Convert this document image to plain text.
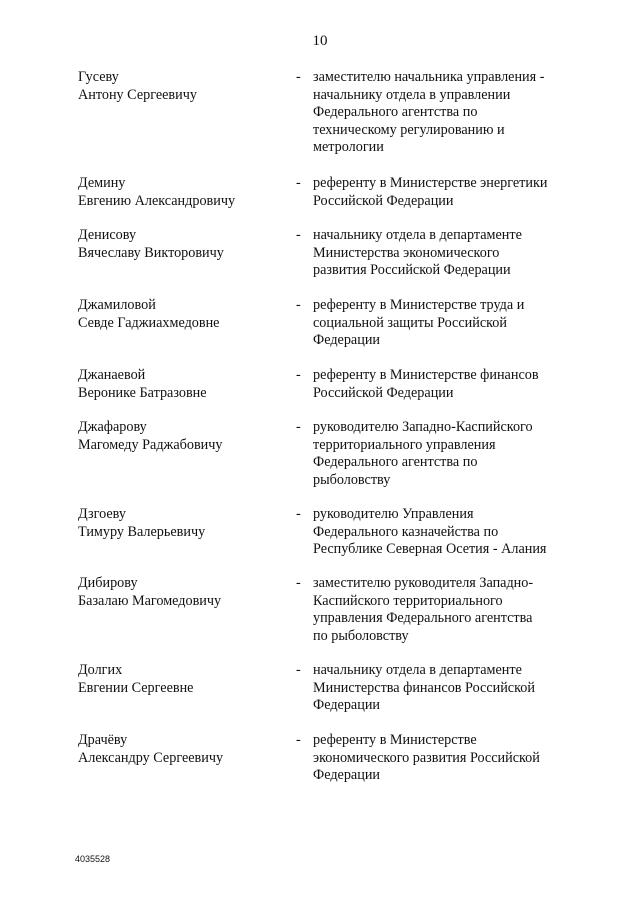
10
Гусеву
Антону Сергеевичу
- заместителю начальника управления -
начальнику отдела в управлении
Федерального агентства по
техническому регулированию и
метрологии
Демину
Евгению Александровичу
- референту в Министерстве энергетики
Российской Федерации
Денисову
Вячеславу Викторовичу
- начальнику отдела в департаменте
Министерства экономического
развития Российской Федерации
Джамиловой
Севде Гаджиахмедовне
- референту в Министерстве труда и
социальной защиты Российской
Федерации
Джанаевой
Веронике Батразовне
- референту в Министерстве финансов
Российской Федерации
Джафарову
Магомеду Раджабовичу
- руководителю Западно-Каспийского
территориального управления
Федерального агентства по
рыболовству
Дзгоеву
Тимуру Валерьевичу
- руководителю Управления
Федерального казначейства по
Республике Северная Осетия - Алания
Дибирову
Базалаю Магомедовичу
- заместителю руководителя Западно-
Каспийского территориального
управления Федерального агентства
по рыболовству
Долгих
Евгении Сергеевне
- начальнику отдела в департаменте
Министерства финансов Российской
Федерации
Драчёву
Александру Сергеевичу
- референту в Министерстве
экономического развития Российской
Федерации
4035528
